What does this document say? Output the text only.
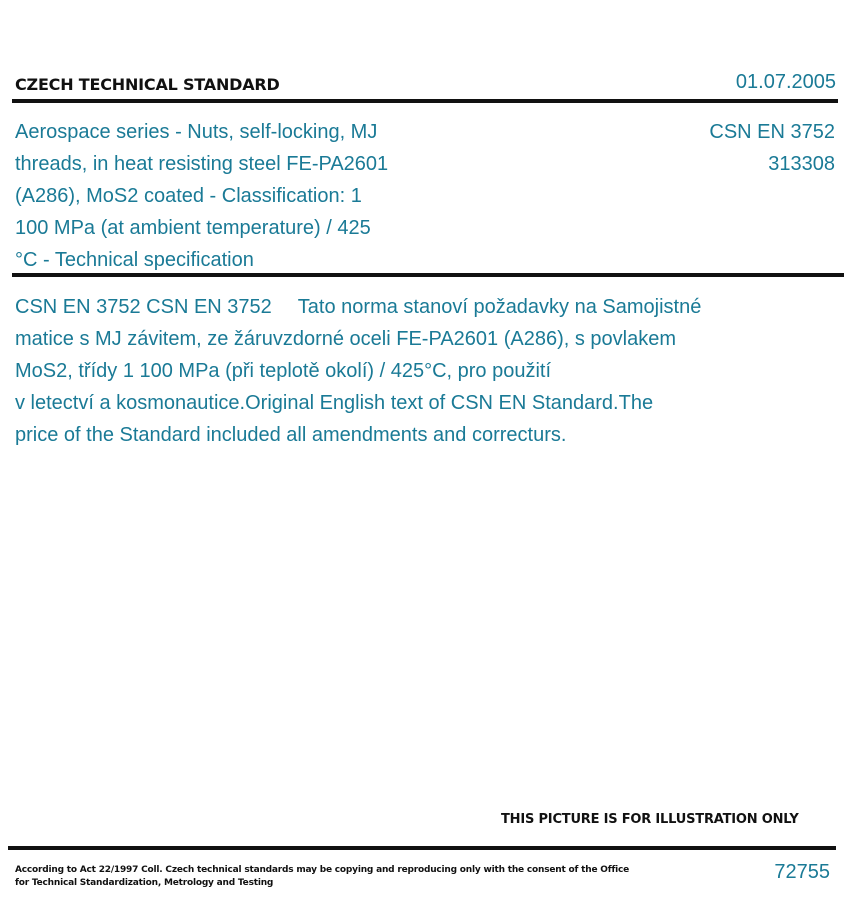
CZECH TECHNICAL STANDARD	01.07.2005
Aerospace series - Nuts, self-locking, MJ
threads, in heat resisting steel FE-PA2601
(A286), MoS2 coated - Classification: 1
100 MPa (at ambient temperature) / 425
°C - Technical specification
CSN EN 3752
313308
CSN EN 3752 CSN EN 3752 Tato norma stanoví požadavky na Samojistné
matice s MJ závitem, ze žáruvzdorné oceli FE-PA2601 (A286), s povlakem
MoS2, třídy 1 100 MPa (při teplotě okolí) / 425°C, pro použití
v letectví a kosmonautice.Original English text of CSN EN Standard.The
price of the Standard included all amendments and correcturs.
THIS PICTURE IS FOR ILLUSTRATION ONLY
According to Act 22/1997 Coll. Czech technical standards may be copying and reproducing only with the consent of the Office
for Technical Standardization, Metrology and Testing	72755
